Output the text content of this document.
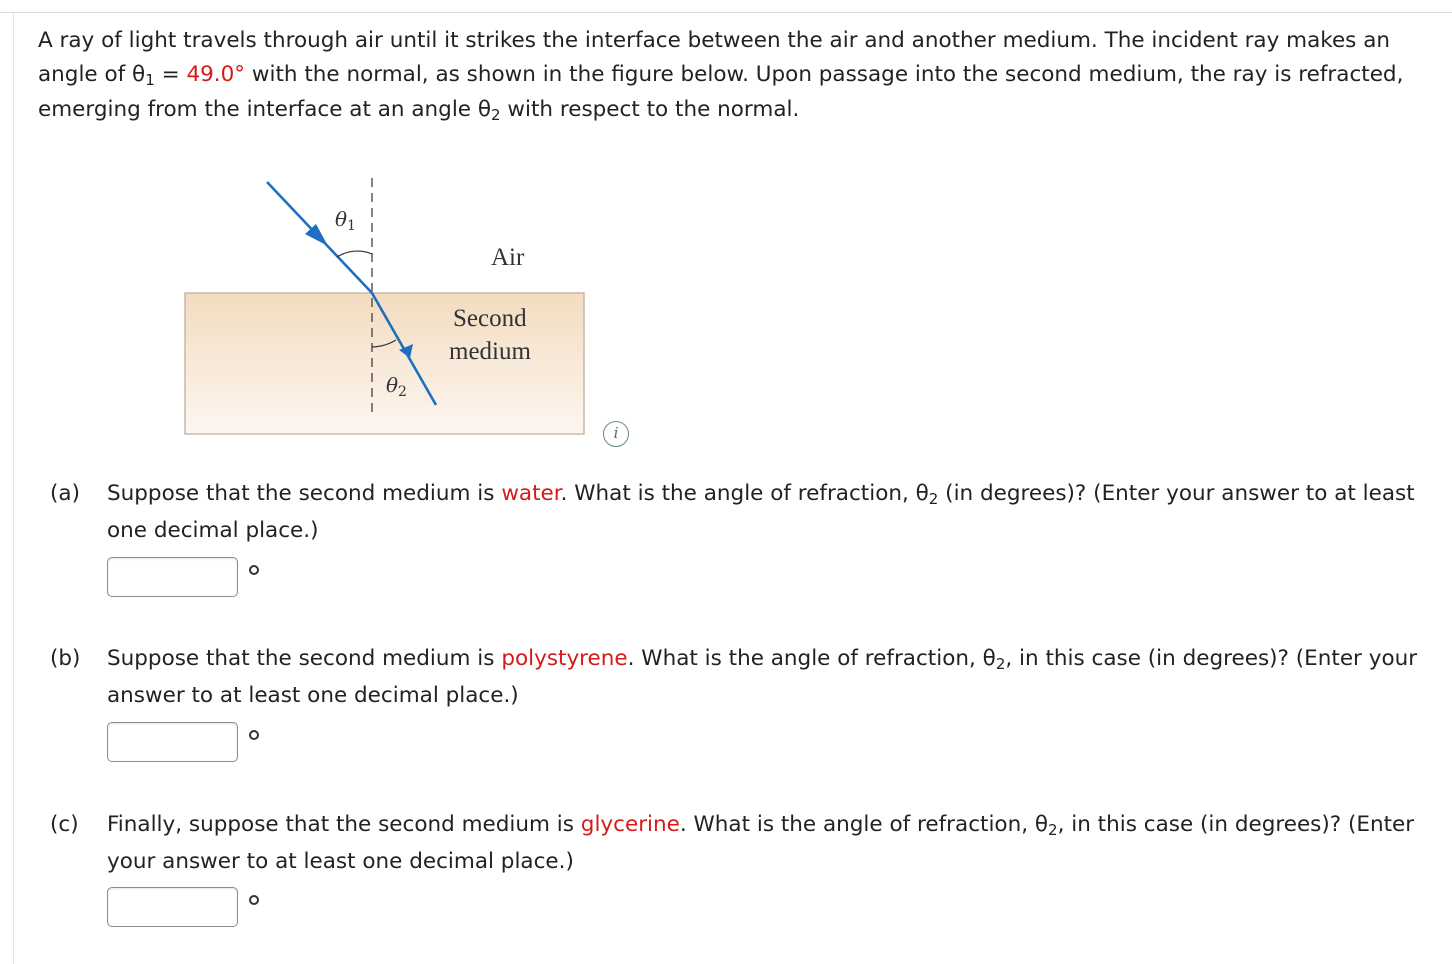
A ray of light travels through air until it strikes the interface between the air and another medium. The incident ray makes an angle of $\theta_1 = 49.0^\circ$ with the normal, as shown in the figure below. Upon passage into the second medium, the ray is refracted, emerging from the interface at an angle $\theta_2$ with respect to the normal.

$\theta_1$
$\theta_2$
Air
Second
medium
i
(a) Suppose that the second medium is water. What is the angle of refraction, $\theta_2$ (in degrees)? (Enter your answer to at least one decimal place.)

(b) Suppose that the second medium is polystyrene. What is the angle of refraction, $\theta_2$, in this case (in degrees)? (Enter your answer to at least one decimal place.)

(c) Finally, suppose that the second medium is glycerine. What is the angle of refraction, $\theta_2$, in this case (in degrees)? (Enter your answer to at least one decimal place.)
